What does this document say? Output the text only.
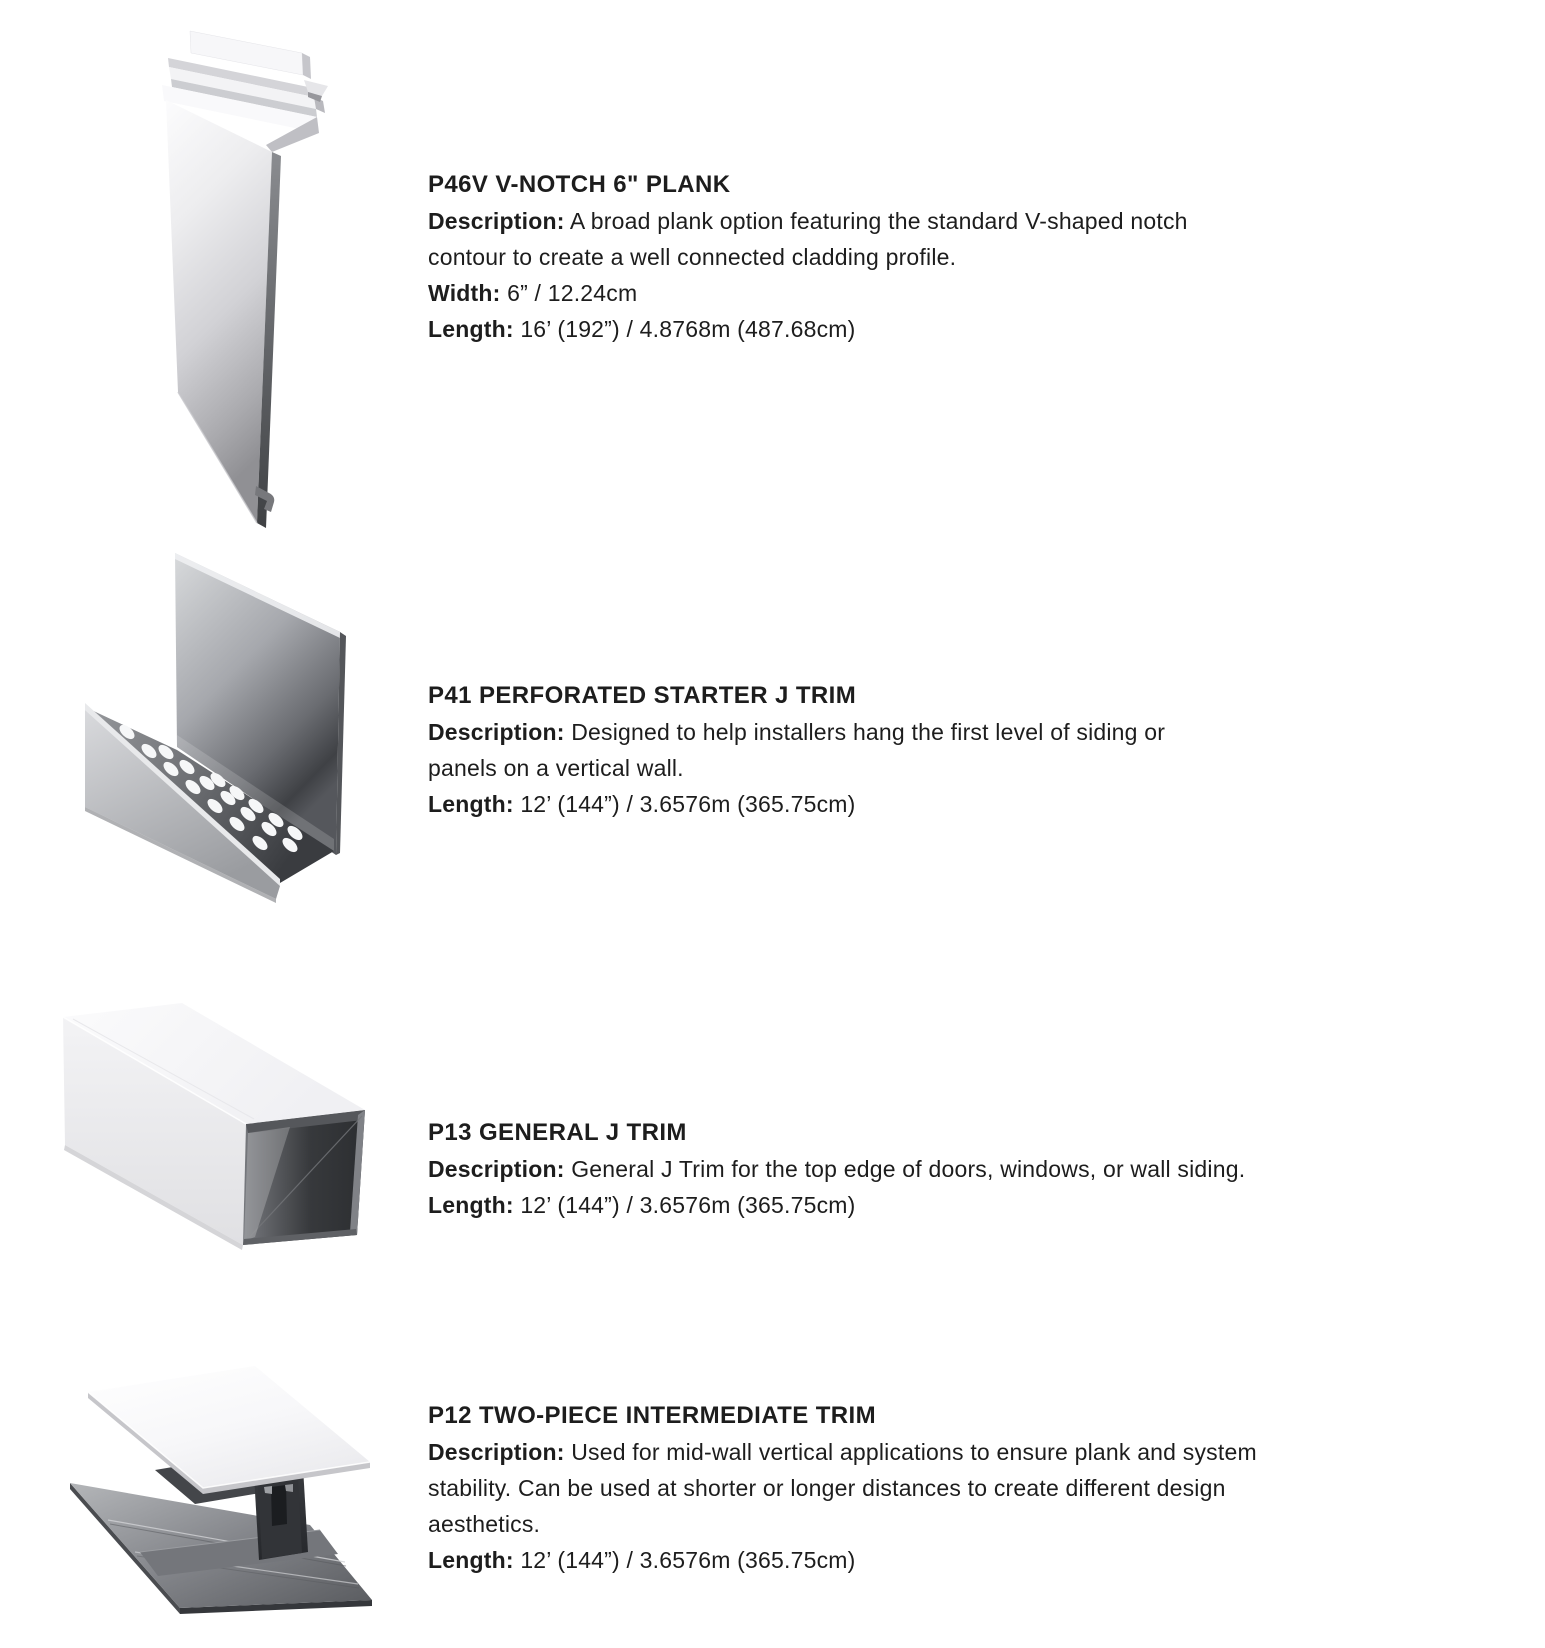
P46V V-NOTCH 6" PLANK
Description: A broad plank option featuring the standard V-shaped notch
contour to create a well connected cladding profile.
Width: 6” / 12.24cm
Length: 16’ (192”) / 4.8768m (487.68cm)
P41 PERFORATED STARTER J TRIM
Description: Designed to help installers hang the first level of siding or
panels on a vertical wall.
Length: 12’ (144”) / 3.6576m (365.75cm)
P13 GENERAL J TRIM
Description: General J Trim for the top edge of doors, windows, or wall siding.
Length: 12’ (144”) / 3.6576m (365.75cm)
P12 TWO-PIECE INTERMEDIATE TRIM
Description: Used for mid-wall vertical applications to ensure plank and system
stability. Can be used at shorter or longer distances to create different design
aesthetics.
Length: 12’ (144”) / 3.6576m (365.75cm)
